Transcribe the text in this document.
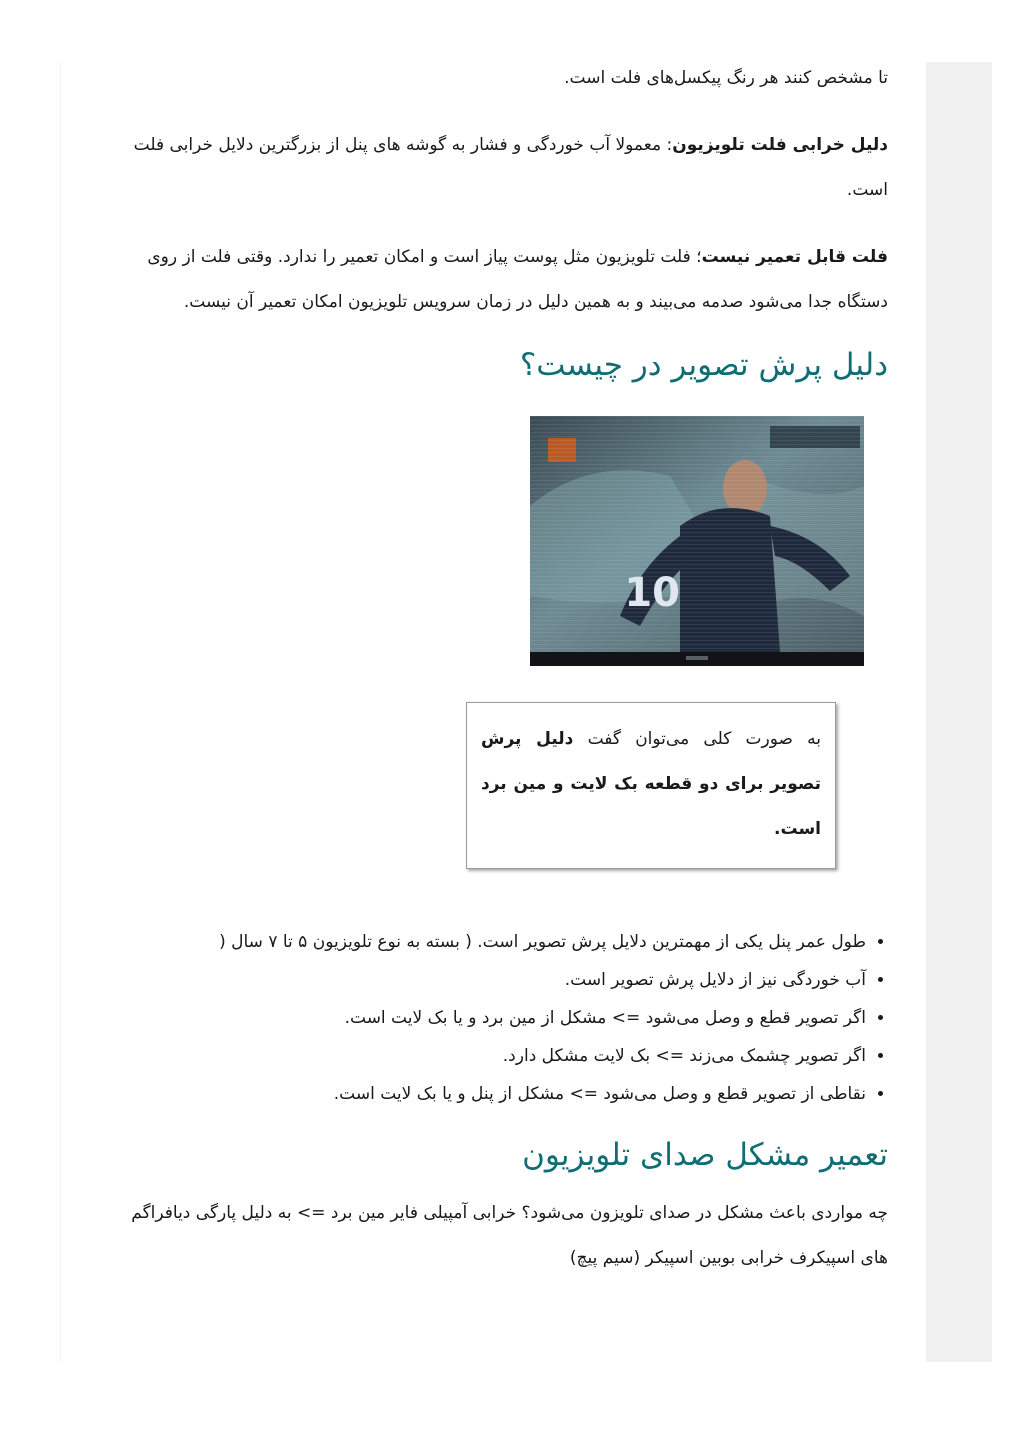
تا مشخص کنند هر رنگ پیکسل‌های فلت است.

دلیل خرابی فلت تلویزیون: معمولا آب خوردگی و فشار به گوشه های پنل از بزرگترین دلایل خرابی فلت است.

فلت قابل تعمیر نیست؛ فلت تلویزیون مثل پوست پیاز است و امکان تعمیر را ندارد. وقتی فلت از روی دستگاه جدا می‌شود صدمه می‌بیند و به همین دلیل در زمان سرویس تلویزیون امکان تعمیر آن نیست.

دلیل پرش تصویر در چیست؟
به صورت کلی می‌توان گفت دلیل پرش تصویر برای دو قطعه بک لایت و مین برد است.
• طول عمر پنل یکی از مهمترین دلایل پرش تصویر است. ( بسته به نوع تلویزیون ۵ تا ۷ سال (
• آب خوردگی نیز از دلایل پرش تصویر است.
• اگر تصویر قطع و وصل می‌شود => مشکل از مین برد و یا بک لایت است.
• اگر تصویر چشمک می‌زند => بک لایت مشکل دارد.
• نقاطی از تصویر قطع و وصل می‌شود => مشکل از پنل و یا بک لایت است.
تعمیر مشکل صدای تلویزیون

چه مواردی باعث مشکل در صدای تلویزون می‌شود؟ خرابی آمپیلی فایر مین برد => به دلیل پارگی دیافراگم های اسپیکرف خرابی بوبین اسپیکر (سیم پیچ)
